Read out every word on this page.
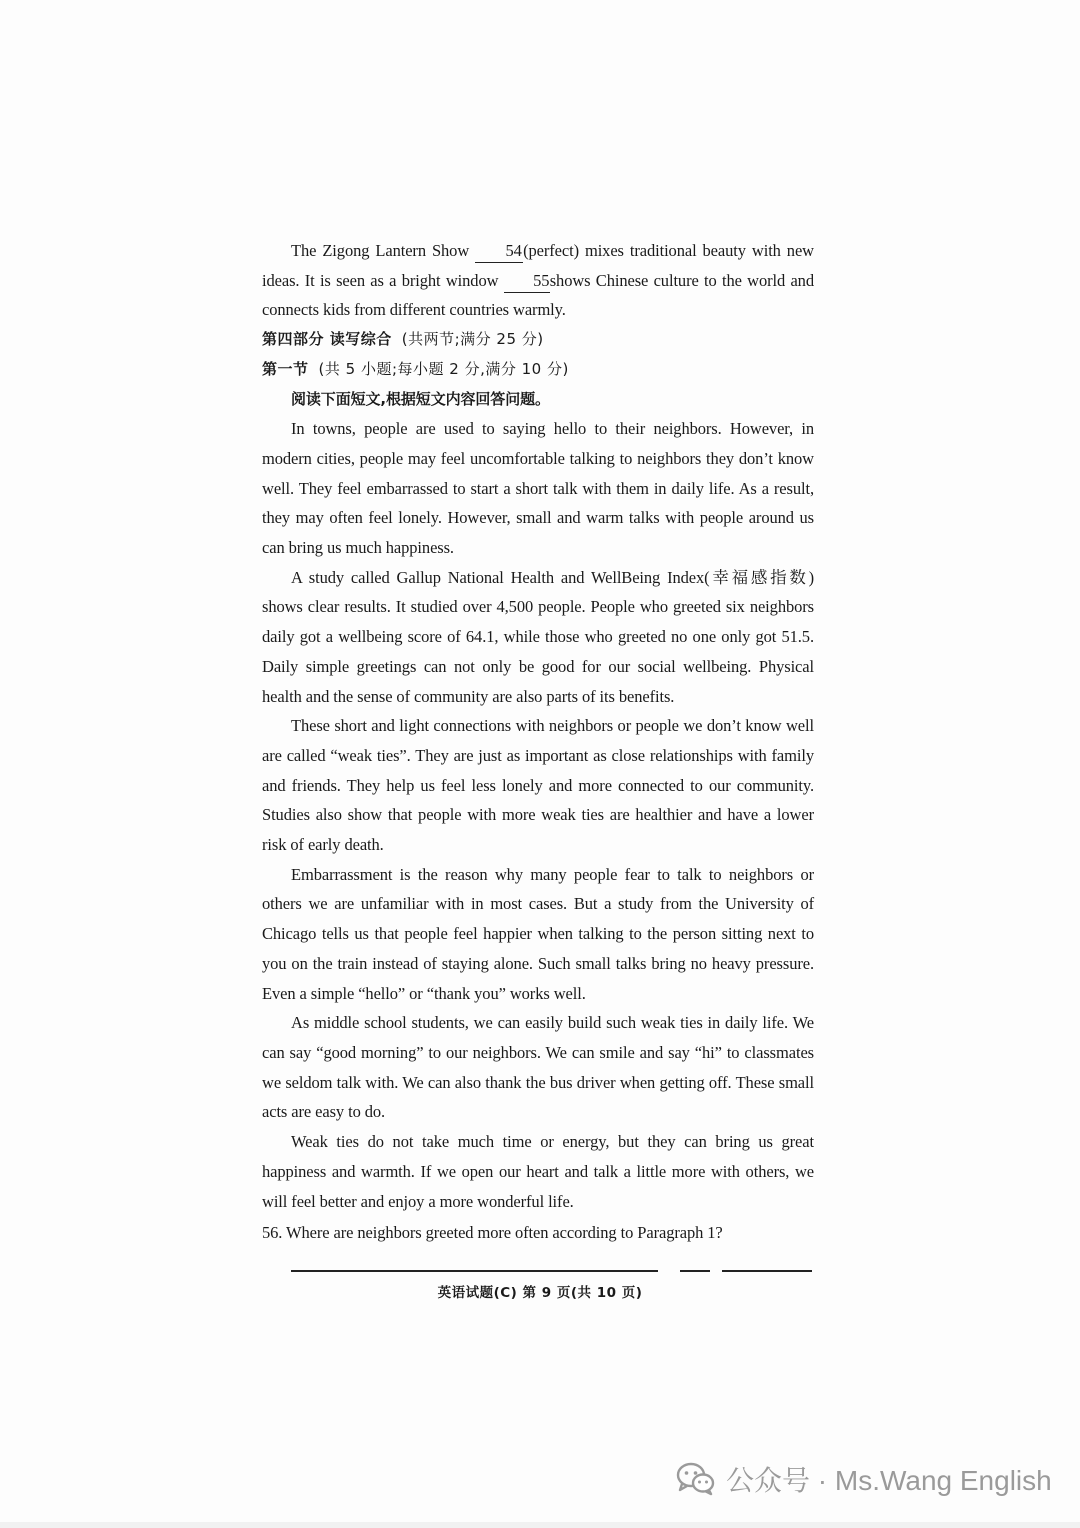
The Zigong Lantern Show 54(perfect) mixes traditional beauty with new ideas. It is seen as a bright window 55shows Chinese culture to the world and connects kids from different countries warmly.

第四部分 读写综合 (共两节;满分 25 分)

第一节 (共 5 小题;每小题 2 分,满分 10 分)

阅读下面短文,根据短文内容回答问题。

In towns, people are used to saying hello to their neighbors. However, in modern cities, people may feel uncomfortable talking to neighbors they don’t know well. They feel embarrassed to start a short talk with them in daily life. As a result, they may often feel lonely. However, small and warm talks with people around us can bring us much happiness.

A study called Gallup National Health and WellBeing Index(幸福感指数) shows clear results. It studied over 4,500 people. People who greeted six neighbors daily got a wellbeing score of 64.1, while those who greeted no one only got 51.5. Daily simple greetings can not only be good for our social wellbeing. Physical health and the sense of community are also parts of its benefits.

These short and light connections with neighbors or people we don’t know well are called “weak ties”. They are just as important as close relationships with family and friends. They help us feel less lonely and more connected to our community. Studies also show that people with more weak ties are healthier and have a lower risk of early death.

Embarrassment is the reason why many people fear to talk to neighbors or others we are unfamiliar with in most cases. But a study from the University of Chicago tells us that people feel happier when talking to the person sitting next to you on the train instead of staying alone. Such small talks bring no heavy pressure. Even a simple “hello” or “thank you” works well.

As middle school students, we can easily build such weak ties in daily life. We can say “good morning” to our neighbors. We can smile and say “hi” to classmates we seldom talk with. We can also thank the bus driver when getting off. These small acts are easy to do.

Weak ties do not take much time or energy, but they can bring us great happiness and warmth. If we open our heart and talk a little more with others, we will feel better and enjoy a more wonderful life.

56. Where are neighbors greeted more often according to Paragraph 1?

英语试题(C) 第 9 页(共 10 页)
公众号 · Ms.Wang English
